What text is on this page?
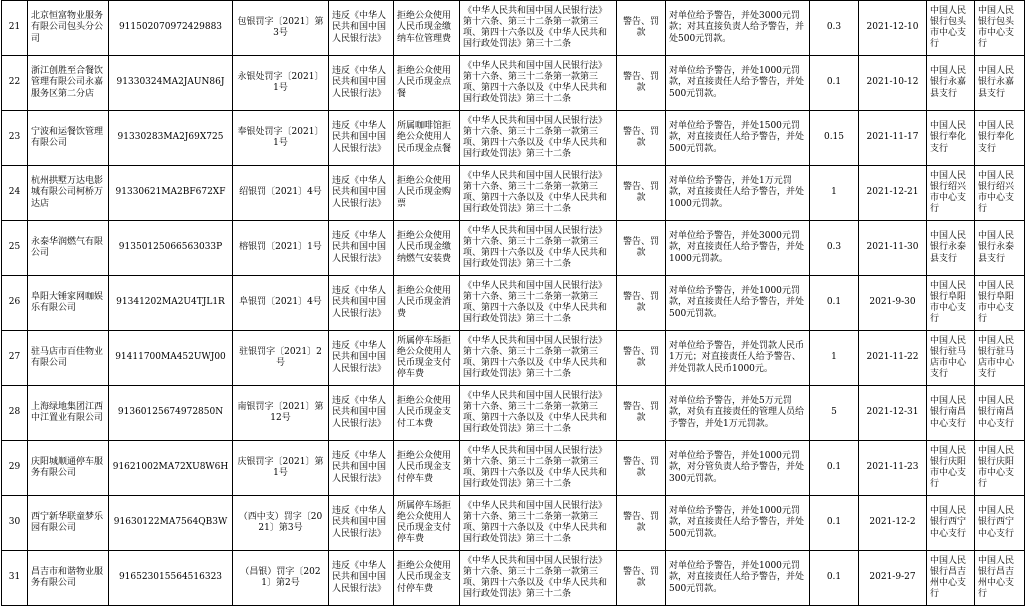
21	北京恒富物业服务有限公司包头分公司	911502070972429883	包银罚字〔2021〕第3号	违反《中华人民共和国中国人民银行法》	拒绝公众使用人民币现金缴纳车位管理费	《中华人民共和国中国人民银行法》第十六条、第三十二条第一款第三项、第四十六条以及《中华人民共和国行政处罚法》第三十二条	警告、罚款	对单位给予警告，并处3000元罚款；对其直接负责人给予警告，并处500元罚款。	0.3	2021-12-10	中国人民银行包头市中心支行	中国人民银行包头市中心支行
22	浙江创胜至合餐饮管理有限公司永嘉服务区第二分店	91330324MA2JAUN86J	永银处罚字〔2021〕1号	违反《中华人民共和国中国人民银行法》	拒绝公众使用人民币现金点餐	《中华人民共和国中国人民银行法》第十六条、第三十二条第一款第三项、第四十六条以及《中华人民共和国行政处罚法》第三十二条	警告、罚款	对单位给予警告，并处1000元罚款，对直接责任人给予警告，并处500元罚款。	0.1	2021-10-12	中国人民银行永嘉县支行	中国人民银行永嘉县支行
23	宁波和运餐饮管理有限公司	91330283MA2J69X725	奉银处罚字〔2021〕1号	违反《中华人民共和国中国人民银行法》	所属咖啡馆拒绝公众使用人民币现金点餐	《中华人民共和国中国人民银行法》第十六条、第三十二条第一款第三项、第四十六条以及《中华人民共和国行政处罚法》第三十二条	警告、罚款	对单位给予警告，并处1500元罚款，对直接责任人给予警告，并处500元罚款。	0.15	2021-11-17	中国人民银行奉化支行	中国人民银行奉化支行
24	杭州拱墅万达电影城有限公司柯桥万达店	91330621MA2BF672XF	绍银罚〔2021〕4号	违反《中华人民共和国中国人民银行法》	拒绝公众使用人民币现金购票	《中华人民共和国中国人民银行法》第十六条、第三十二条第一款第三项、第四十六条以及《中华人民共和国行政处罚法》第三十二条	警告、罚款	对单位给予警告，并处1万元罚款，对直接责任人给予警告，并处1000元罚款。	1	2021-12-21	中国人民银行绍兴市中心支行	中国人民银行绍兴市中心支行
25	永泰华润燃气有限公司	91350125066563033P	榕银罚〔2021〕1号	违反《中华人民共和国中国人民银行法》	拒绝公众使用人民币现金缴纳燃气安装费	《中华人民共和国中国人民银行法》第十六条、第三十二条第一款第三项、第四十六条以及《中华人民共和国行政处罚法》第三十二条	警告、罚款	对单位给予警告，并处3000元罚款，对直接责任人给予警告，并处1000元罚款。	0.3	2021-11-30	中国人民银行永泰县支行	中国人民银行永泰县支行
26	阜阳大锤家网咖娱乐有限公司	91341202MA2U4TJL1R	阜银罚〔2021〕4号	违反《中华人民共和国中国人民银行法》	拒绝公众使用人民币现金消费	《中华人民共和国中国人民银行法》第十六条、第三十二条第一款第三项、第四十六条以及《中华人民共和国行政处罚法》第三十二条	警告、罚款	对单位给予警告，并处1000元罚款，对直接责任人给予警告，并处500元罚款。	0.1	2021-9-30	中国人民银行阜阳市中心支行	中国人民银行阜阳市中心支行
27	驻马店市百佳物业有限公司	91411700MA452UWJ00	驻银罚字〔2021〕2号	违反《中华人民共和国中国人民银行法》	所属停车场拒绝公众使用人民币现金支付停车费	《中华人民共和国中国人民银行法》第十六条、第三十二条第一款第三项、第四十六条以及《中华人民共和国行政处罚法》第三十二条	警告、罚款	对单位给予警告，并处罚款人民币1万元；对直接责任人给予警告、并处罚款人民币1000元。	1	2021-11-22	中国人民银行驻马店市中心支行	中国人民银行驻马店市中心支行
28	上海绿地集团江西中江置业有限公司	91360125674972850N	南银罚字〔2021〕第12号	违反《中华人民共和国中国人民银行法》	拒绝公众使用人民币现金支付工本费	《中华人民共和国中国人民银行法》第十六条、第三十二条第一款第三项、第四十六条以及《中华人民共和国行政处罚法》第三十二条	警告、罚款	对单位给予警告，并处5万元罚款，对负有直接责任的管理人员给予警告，并处1万元罚款。	5	2021-12-31	中国人民银行南昌中心支行	中国人民银行南昌中心支行
29	庆阳城顺通停车服务有限公司	91621002MA72XU8W6H	庆银罚字〔2021〕第1号	违反《中华人民共和国中国人民银行法》	拒绝公众使用人民币现金支付停车费	《中华人民共和国中国人民银行法》第十六条、第三十二条第一款第三项、第四十六条以及《中华人民共和国行政处罚法》第三十二条	警告、罚款	对单位给予警告，并处1000元罚款，对分管负责人给予警告，并处300元罚款。	0.1	2021-11-23	中国人民银行庆阳市中心支行	中国人民银行庆阳市中心支行
30	西宁新华联童梦乐园有限公司	91630122MA7564QB3W	（西中支）罚字〔2021〕第3号	违反《中华人民共和国中国人民银行法》	所属停车场拒绝公众使用人民币现金支付停车费	《中华人民共和国中国人民银行法》第十六条、第三十二条第一款第三项、第四十六条以及《中华人民共和国行政处罚法》第三十二条	警告、罚款	对单位给予警告，并处1000元罚款，对直接责任人给予警告，并处500元罚款。	0.1	2021-12-2	中国人民银行西宁中心支行	中国人民银行西宁中心支行
31	昌吉市和谐物业服务有限公司	916523015564516323	（昌银）罚字〔2021〕第2号	违反《中华人民共和国中国人民银行法》	拒绝公众使用人民币现金支付停车费	《中华人民共和国中国人民银行法》第十六条、第三十二条第一款第三项、第四十六条以及《中华人民共和国行政处罚法》第三十二条	警告、罚款	对单位给予警告，并处1000元罚款，对直接责任人给予警告，并处500元罚款。	0.1	2021-9-27	中国人民银行昌吉州中心支行	中国人民银行昌吉州中心支行
